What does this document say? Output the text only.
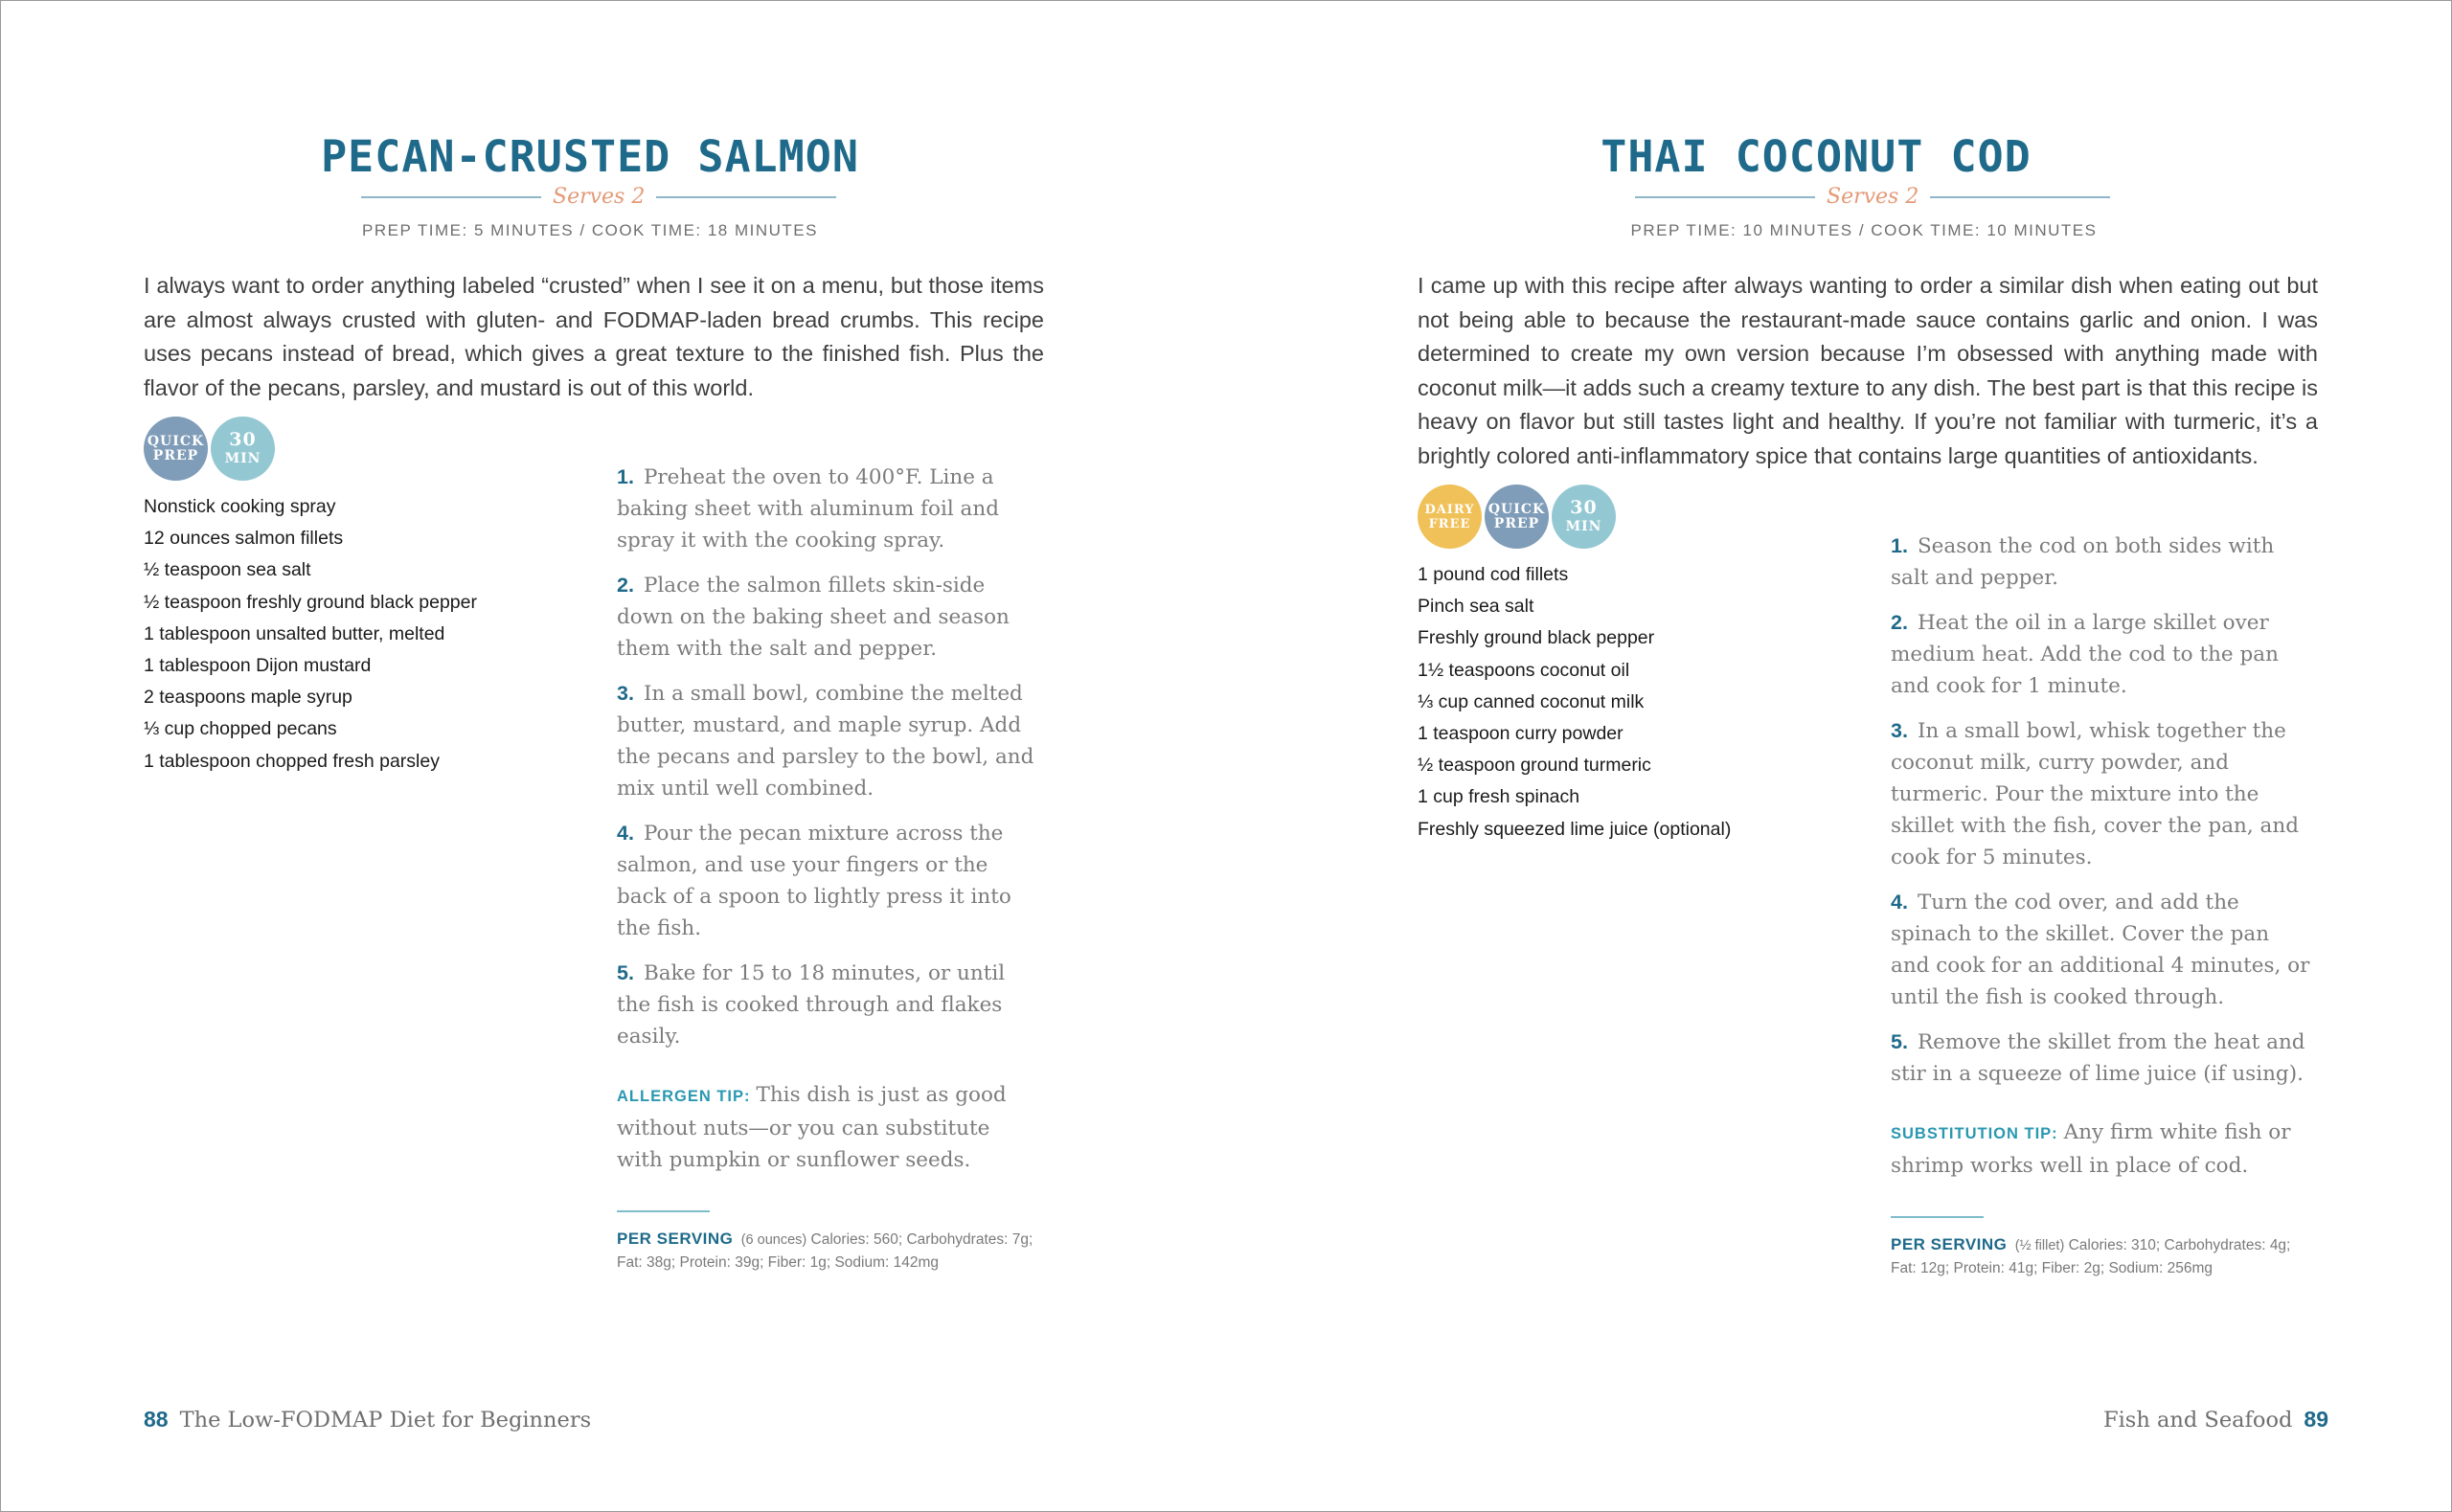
PECAN-CRUSTED SALMON
Serves 2
PREP TIME: 5 MINUTES / COOK TIME: 18 MINUTES

I always want to order anything labeled “crusted” when I see it on a menu, but those items are almost always crusted with gluten- and FODMAP-laden bread crumbs. This recipe uses pecans instead of bread, which gives a great texture to the finished fish. Plus the flavor of the pecans, parsley, and mustard is out of this world.

QUICK
PREP
30
MIN
Nonstick cooking spray
12 ounces salmon fillets
½ teaspoon sea salt
½ teaspoon freshly ground black pepper
1 tablespoon unsalted butter, melted
1 tablespoon Dijon mustard
2 teaspoons maple syrup
⅓ cup chopped pecans
1 tablespoon chopped fresh parsley

1. Preheat the oven to 400°F. Line a baking sheet with aluminum foil and spray it with the cooking spray.

2. Place the salmon fillets skin-side down on the baking sheet and season them with the salt and pepper.

3. In a small bowl, combine the melted butter, mustard, and maple syrup. Add the pecans and parsley to the bowl, and mix until well combined.

4. Pour the pecan mixture across the salmon, and use your fingers or the back of a spoon to lightly press it into the fish.

5. Bake for 15 to 18 minutes, or until the fish is cooked through and flakes easily.

ALLERGEN TIP: This dish is just as good without nuts—or you can substitute with pumpkin or sunflower seeds.

PER SERVING (6 ounces) Calories: 560; Carbohydrates: 7g; Fat: 38g; Protein: 39g; Fiber: 1g; Sodium: 142mg

88 The Low-FODMAP Diet for Beginners
THAI COCONUT COD
Serves 2
PREP TIME: 10 MINUTES / COOK TIME: 10 MINUTES

I came up with this recipe after always wanting to order a similar dish when eating out but not being able to because the restaurant-made sauce contains garlic and onion. I was determined to create my own version because I’m obsessed with anything made with coconut milk—it adds such a creamy texture to any dish. The best part is that this recipe is heavy on flavor but still tastes light and healthy. If you’re not familiar with turmeric, it’s a brightly colored anti-inflammatory spice that contains large quantities of antioxidants.

DAIRY
FREE
QUICK
PREP
30
MIN
1 pound cod fillets
Pinch sea salt
Freshly ground black pepper
1½ teaspoons coconut oil
⅓ cup canned coconut milk
1 teaspoon curry powder
½ teaspoon ground turmeric
1 cup fresh spinach
Freshly squeezed lime juice (optional)

1. Season the cod on both sides with salt and pepper.

2. Heat the oil in a large skillet over medium heat. Add the cod to the pan and cook for 1 minute.

3. In a small bowl, whisk together the coconut milk, curry powder, and turmeric. Pour the mixture into the skillet with the fish, cover the pan, and cook for 5 minutes.

4. Turn the cod over, and add the spinach to the skillet. Cover the pan and cook for an additional 4 minutes, or until the fish is cooked through.

5. Remove the skillet from the heat and stir in a squeeze of lime juice (if using).

SUBSTITUTION TIP: Any firm white fish or shrimp works well in place of cod.

PER SERVING (½ fillet) Calories: 310; Carbohydrates: 4g; Fat: 12g; Protein: 41g; Fiber: 2g; Sodium: 256mg

Fish and Seafood 89
